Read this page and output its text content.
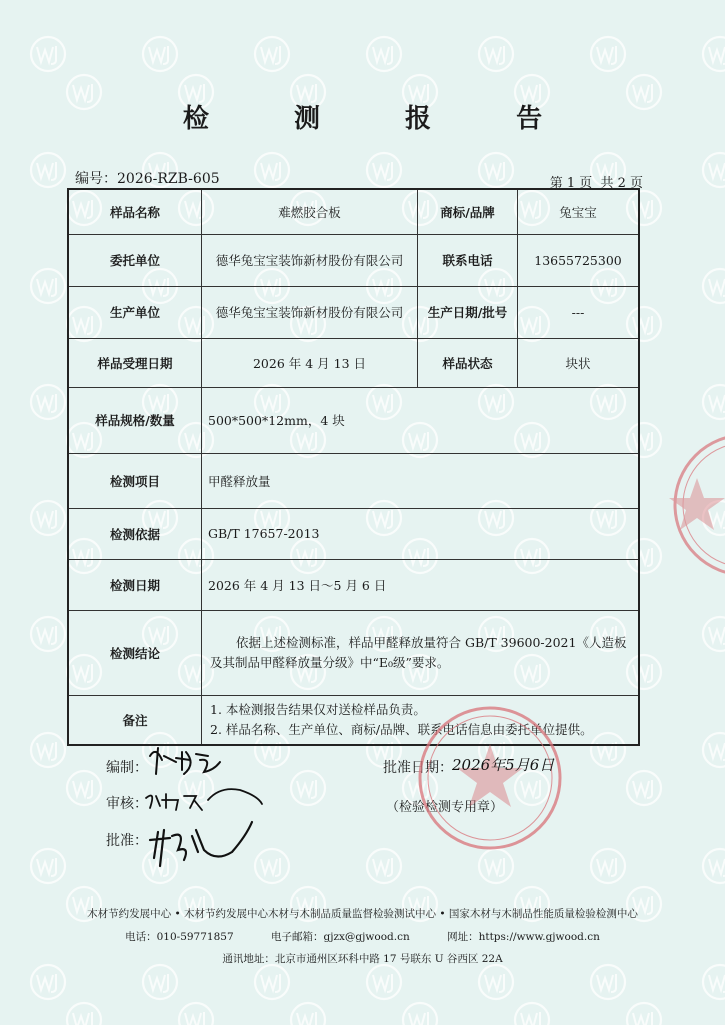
检 测 报 告
编号：2026-RZB-605	第 1 页 共 2 页
样品名称	难燃胶合板	商标/品牌	兔宝宝
委托单位	德华兔宝宝装饰新材股份有限公司	联系电话	13655725300
生产单位	德华兔宝宝装饰新材股份有限公司	生产日期/批号	---
样品受理日期	2026 年 4 月 13 日	样品状态	块状
样品规格/数量	500*500*12mm，4 块		
检测项目	甲醛释放量		
检测依据	GB/T 17657-2013		
检测日期	2026 年 4 月 13 日～5 月 6 日		
检测结论	依据上述检测标准，样品甲醛释放量符合 GB/T 39600-2021《人造板及其制品甲醛释放量分级》中“E₀级”要求。		
备注	1. 本检测报告结果仅对送检样品负责。
2. 样品名称、生产单位、商标/品牌、联系电话信息由委托单位提供。		
编制：
审核：
批准：
批准日期：
（检验检测专用章）
2026年5月6日
木材节约发展中心 • 木材节约发展中心木材与木制品质量监督检验测试中心 • 国家木材与木制品性能质量检验检测中心
电话：010-59771857	电子邮箱：gjzx@gjwood.cn	网址：https://www.gjwood.cn
通讯地址：北京市通州区环科中路 17 号联东 U 谷西区 22A
